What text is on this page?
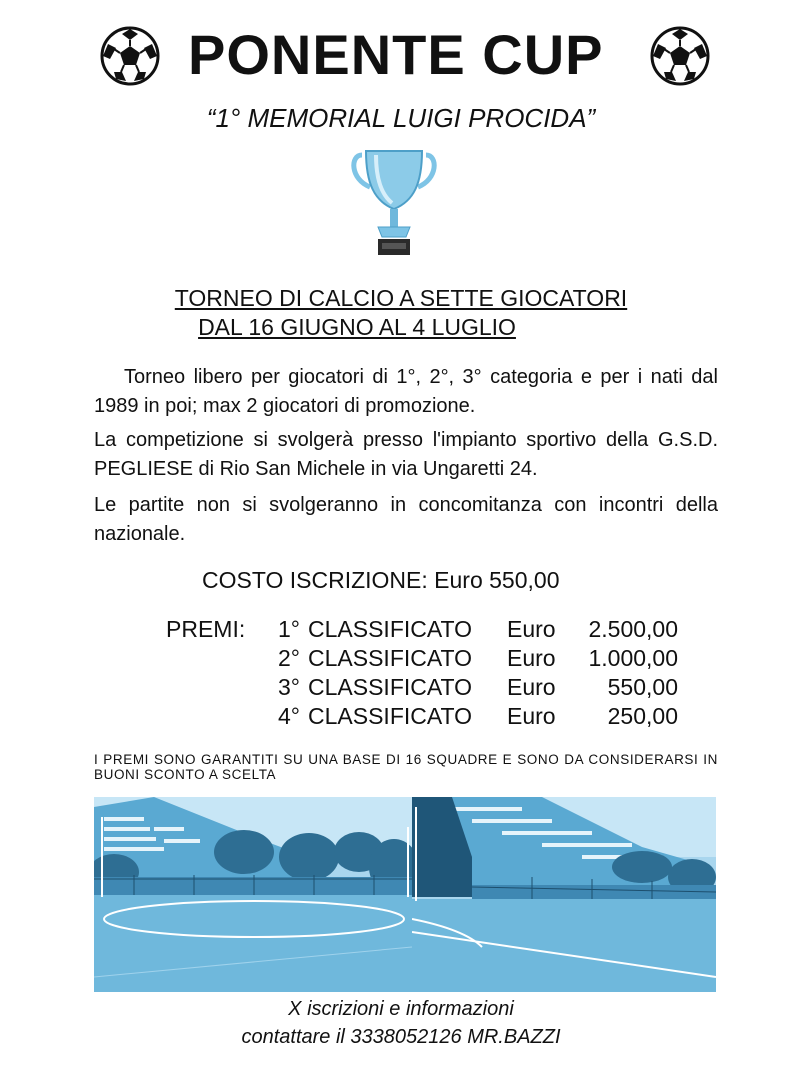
PONENTE CUP
“1° MEMORIAL LUIGI PROCIDA”
TORNEO DI CALCIO A SETTE GIOCATORI
DAL 16 GIUGNO AL 4 LUGLIO
Torneo libero per giocatori di 1°, 2°, 3° categoria e per i nati dal 1989 in poi; max 2 giocatori di promozione.
La competizione si svolgerà presso l'impianto sportivo della G.S.D. PEGLIESE di Rio San Michele in via Ungaretti 24.
Le partite non si svolgeranno in concomitanza con incontri della nazionale.
COSTO ISCRIZIONE: Euro 550,00
PREMI: 1° CLASSIFICATO Euro 2.500,00
2° CLASSIFICATO Euro 1.000,00
3° CLASSIFICATO Euro 550,00
4° CLASSIFICATO Euro 250,00
I PREMI SONO GARANTITI SU UNA BASE DI 16 SQUADRE E SONO DA CONSIDERARSI IN BUONI SCONTO A SCELTA
X iscrizioni e informazioni
contattare il 3338052126 MR.BAZZI
